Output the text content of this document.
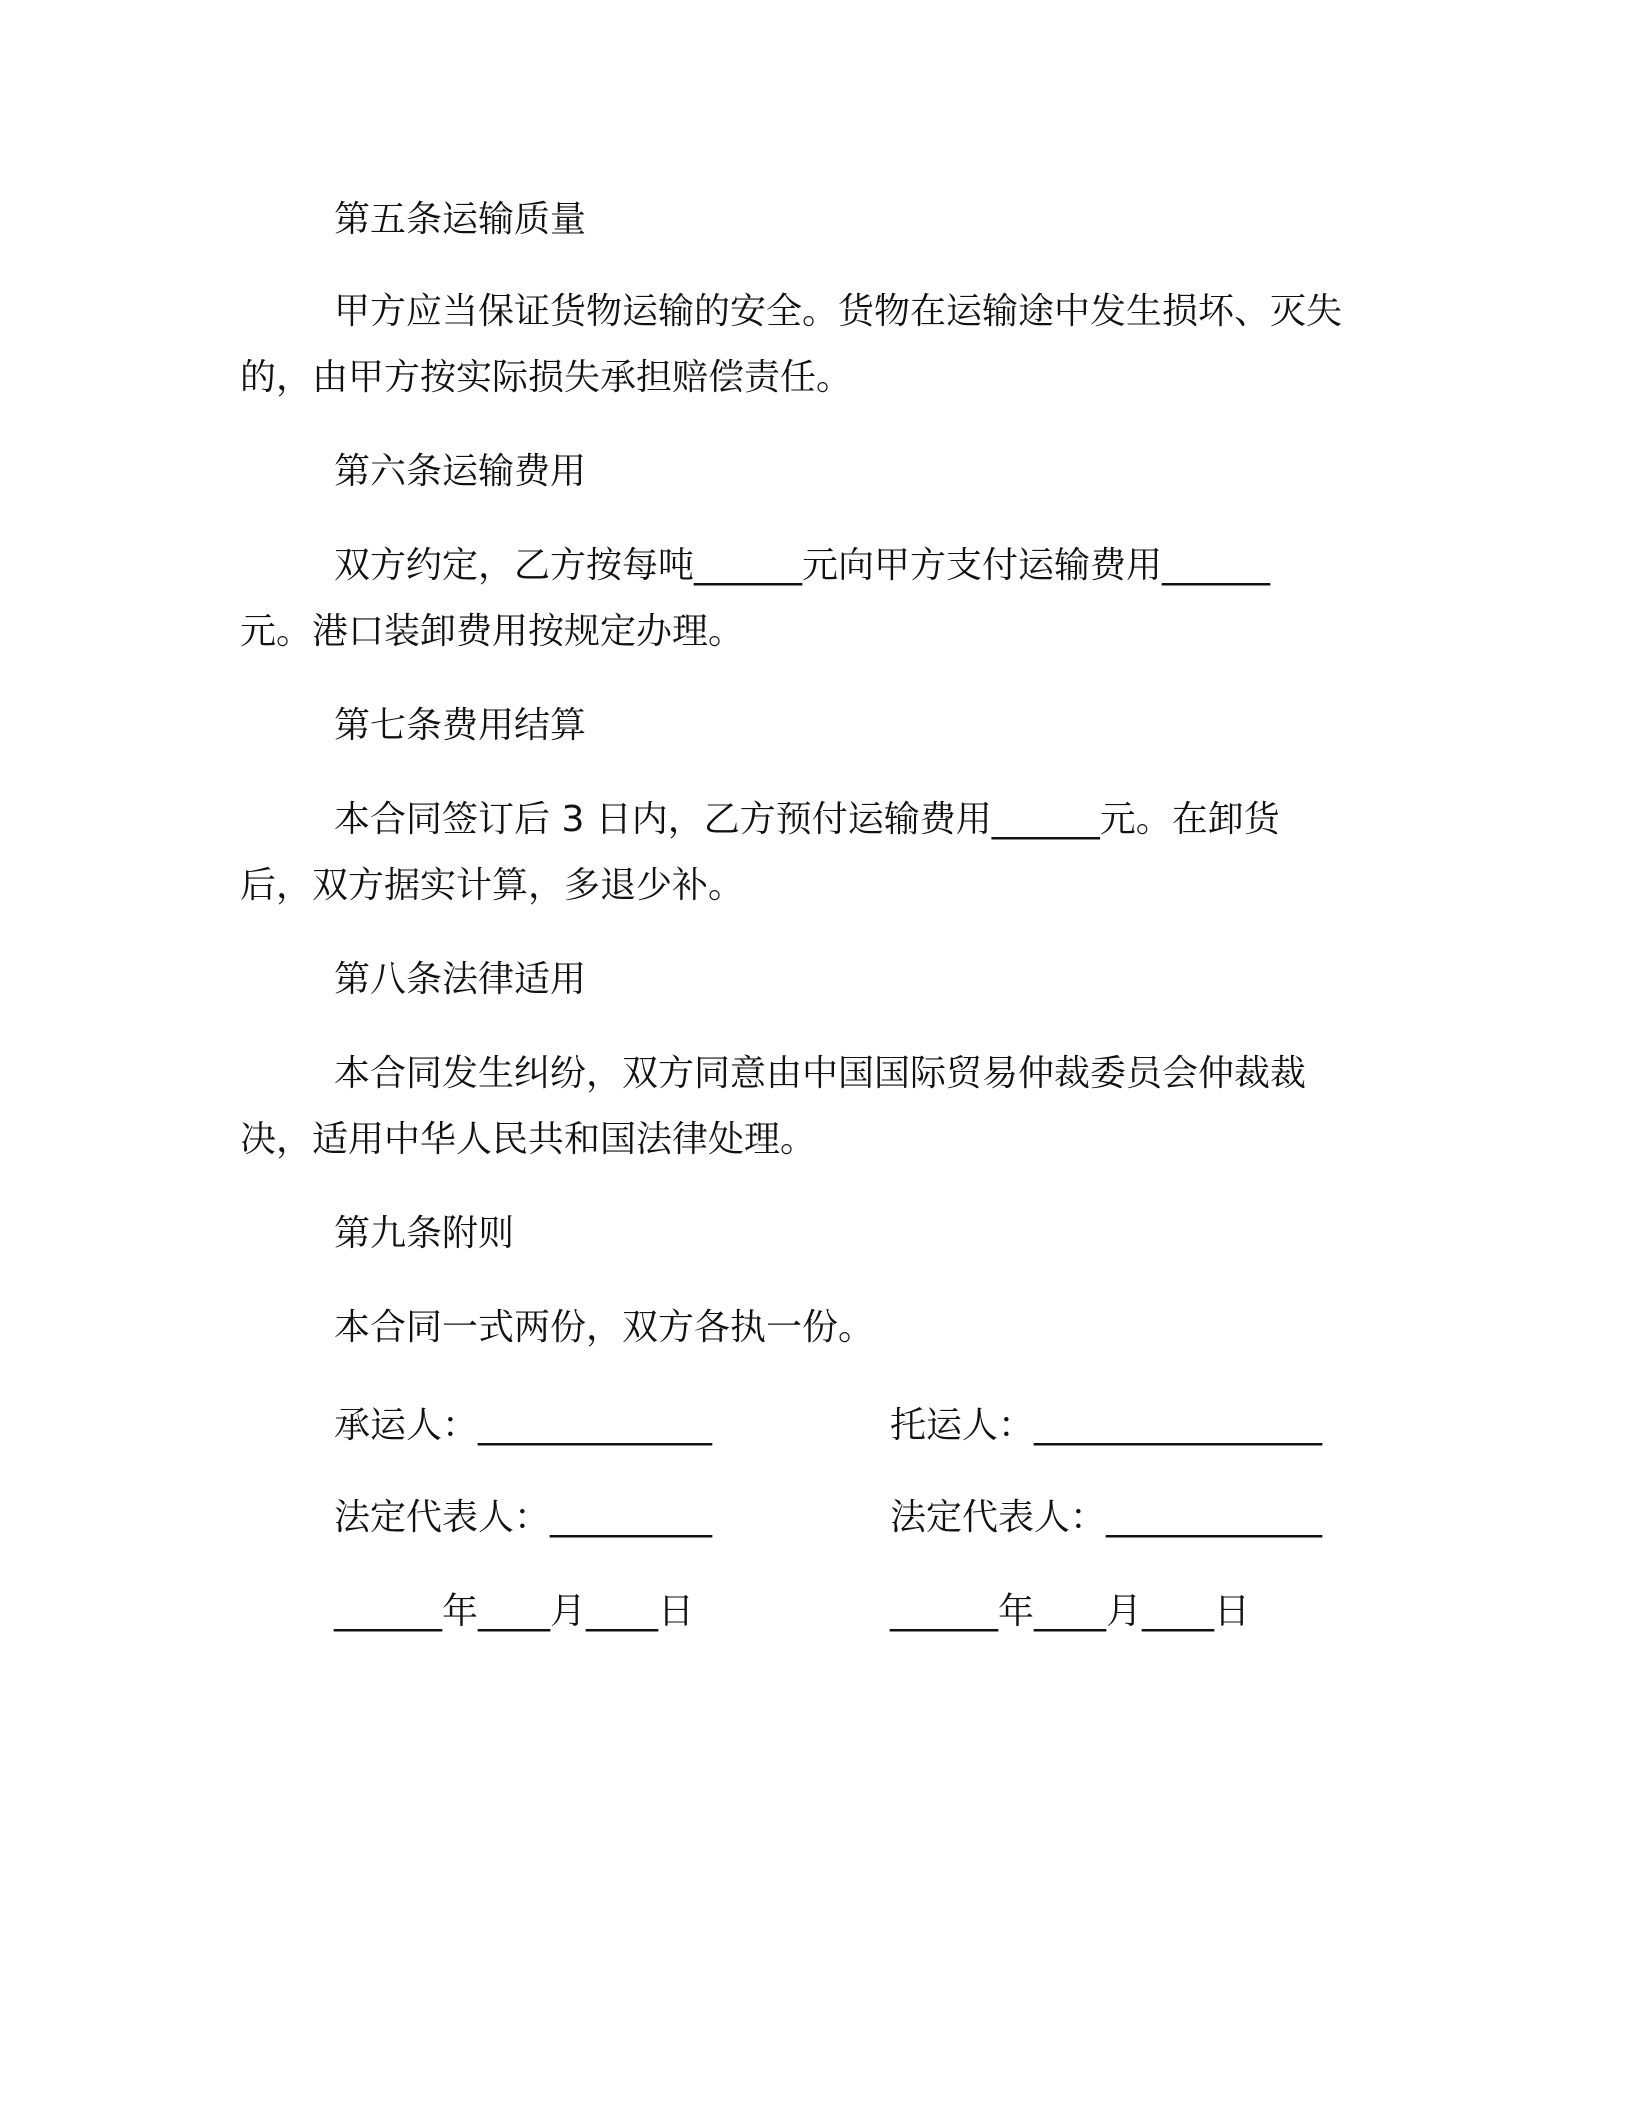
第五条运输质量
甲方应当保证货物运输的安全。货物在运输途中发生损坏、灭失
的，由甲方按实际损失承担赔偿责任。
第六条运输费用
双方约定，乙方按每吨______元向甲方支付运输费用______
元。港口装卸费用按规定办理。
第七条费用结算
本合同签订后 3 日内，乙方预付运输费用______元。在卸货
后，双方据实计算，多退少补。
第八条法律适用
本合同发生纠纷，双方同意由中国国际贸易仲裁委员会仲裁裁
决，适用中华人民共和国法律处理。
第九条附则
本合同一式两份，双方各执一份。
承运人：_____________	托运人：________________
法定代表人：_________	法定代表人：____________
______年____月____日	______年____月____日
